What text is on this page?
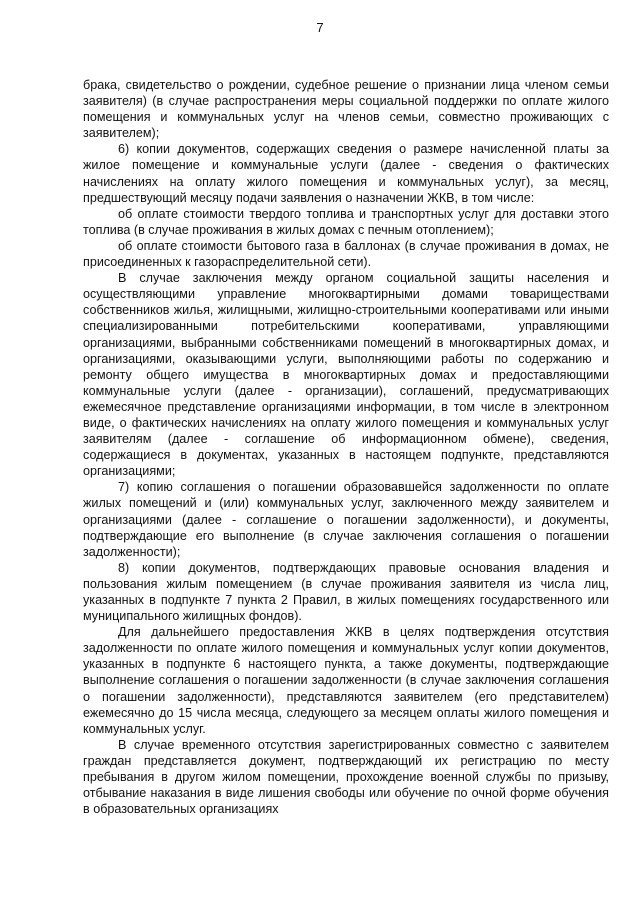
7

брака, свидетельство о рождении, судебное решение о признании лица членом семьи заявителя) (в случае распространения меры социальной поддержки по оплате жилого помещения и коммунальных услуг на членов семьи, совместно проживающих с заявителем);

6) копии документов, содержащих сведения о размере начисленной платы за жилое помещение и коммунальные услуги (далее - сведения о фактических начислениях на оплату жилого помещения и коммунальных услуг), за месяц, предшествующий месяцу подачи заявления о назначении ЖКВ, в том числе:

об оплате стоимости твердого топлива и транспортных услуг для доставки этого топлива (в случае проживания в жилых домах с печным отоплением);

об оплате стоимости бытового газа в баллонах (в случае проживания в домах, не присоединенных к газораспределительной сети).

В случае заключения между органом социальной защиты населения и осуществляющими управление многоквартирными домами товариществами собственников жилья, жилищными, жилищно-строительными кооперативами или иными специализированными потребительскими кооперативами, управляющими организациями, выбранными собственниками помещений в многоквартирных домах, и организациями, оказывающими услуги, выполняющими работы по содержанию и ремонту общего имущества в многоквартирных домах и предоставляющими коммунальные услуги (далее - организации), соглашений, предусматривающих ежемесячное представление организациями информации, в том числе в электронном виде, о фактических начислениях на оплату жилого помещения и коммунальных услуг заявителям (далее - соглашение об информационном обмене), сведения, содержащиеся в документах, указанных в настоящем подпункте, представляются организациями;

7) копию соглашения о погашении образовавшейся задолженности по оплате жилых помещений и (или) коммунальных услуг, заключенного между заявителем и организациями (далее - соглашение о погашении задолженности), и документы, подтверждающие его выполнение (в случае заключения соглашения о погашении задолженности);

8) копии документов, подтверждающих правовые основания владения и пользования жилым помещением (в случае проживания заявителя из числа лиц, указанных в подпункте 7 пункта 2 Правил, в жилых помещениях государственного или муниципального жилищных фондов).

Для дальнейшего предоставления ЖКВ в целях подтверждения отсутствия задолженности по оплате жилого помещения и коммунальных услуг копии документов, указанных в подпункте 6 настоящего пункта, а также документы, подтверждающие выполнение соглашения о погашении задолженности (в случае заключения соглашения о погашении задолженности), представляются заявителем (его представителем) ежемесячно до 15 числа месяца, следующего за месяцем оплаты жилого помещения и коммунальных услуг.

В случае временного отсутствия зарегистрированных совместно с заявителем граждан представляется документ, подтверждающий их регистрацию по месту пребывания в другом жилом помещении, прохождение военной службы по призыву, отбывание наказания в виде лишения свободы или обучение по очной форме обучения в образовательных организациях
